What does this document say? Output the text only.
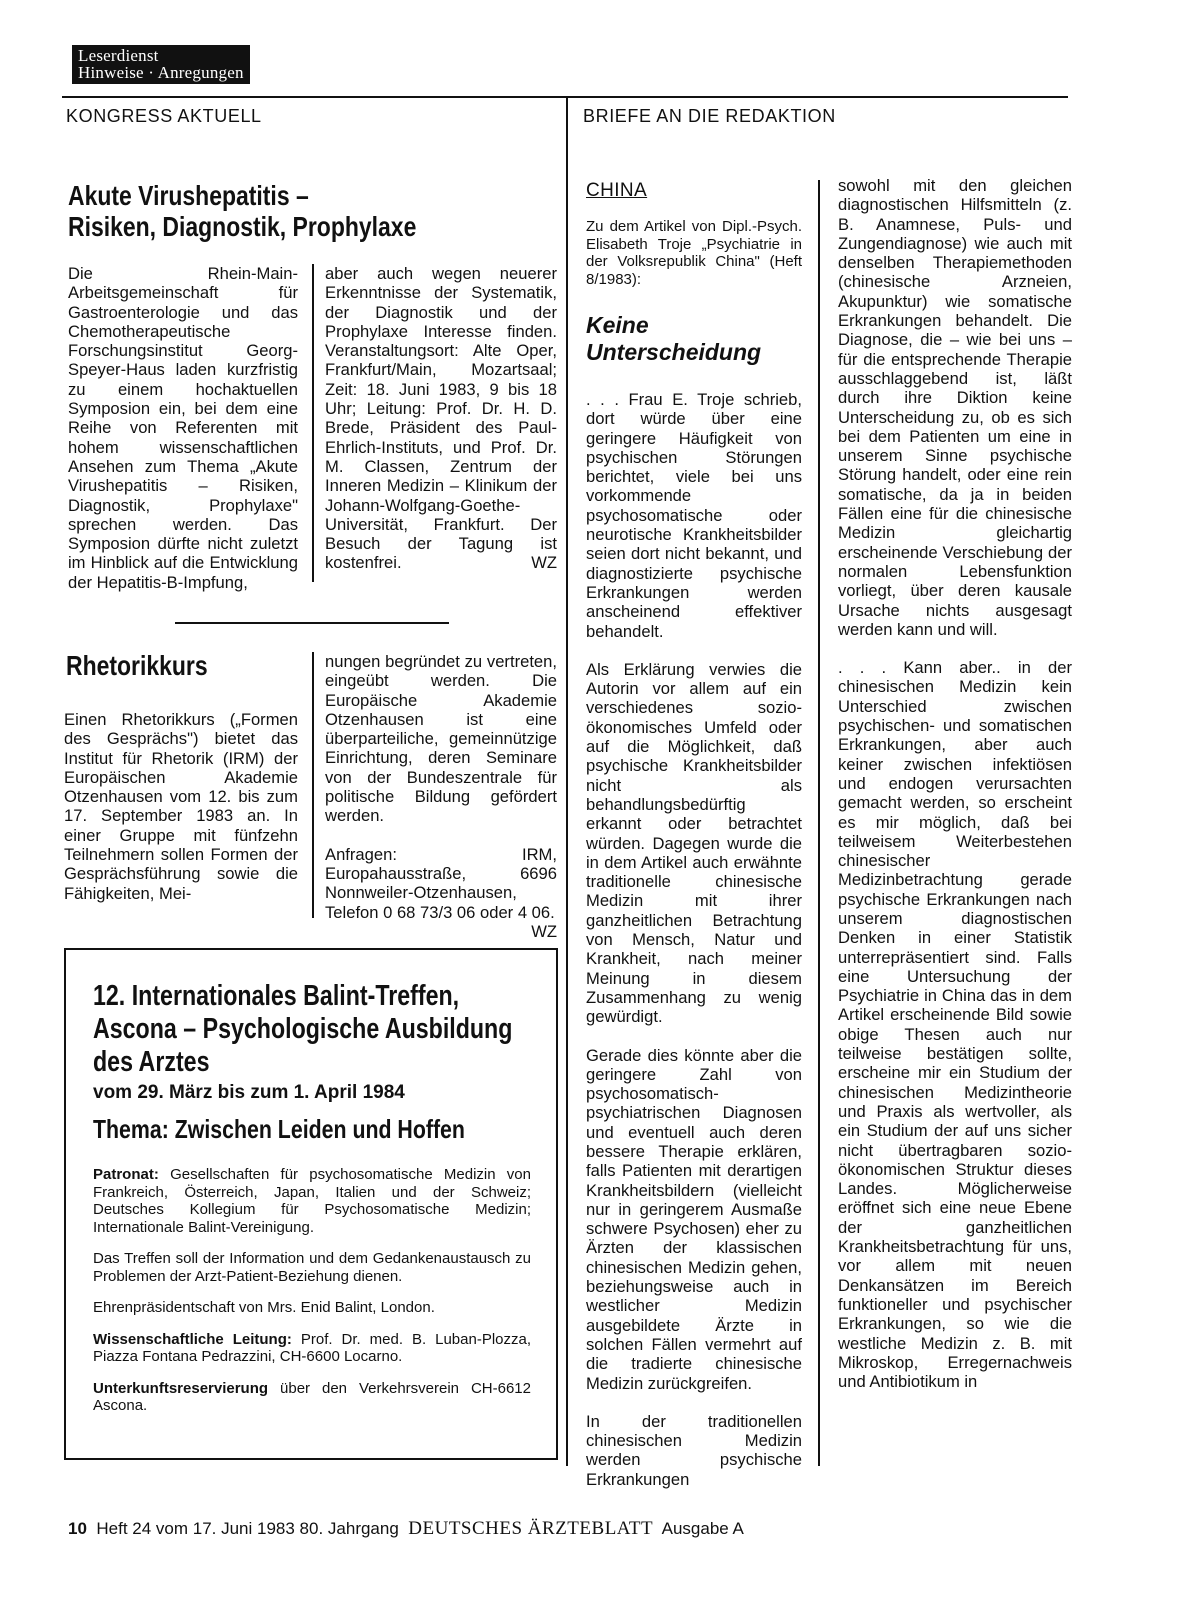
Leserdienst
Hinweise · Anregungen
KONGRESS AKTUELL	BRIEFE AN DIE REDAKTION
Akute Virushepatitis –
Risiken, Diagnostik, Prophylaxe

Die Rhein-Main-Arbeitsgemeinschaft für Gastroenterologie und das Chemotherapeutische Forschungsinstitut Georg-Speyer-Haus laden kurzfristig zu einem hochaktuellen Symposion ein, bei dem eine Reihe von Referenten mit hohem wissenschaftlichen Ansehen zum Thema „Akute Virushepatitis – Risiken, Diagnostik, Prophylaxe" sprechen werden. Das Symposion dürfte nicht zuletzt im Hinblick auf die Entwicklung der Hepatitis-B-Impfung,

aber auch wegen neuerer Erkenntnisse der Systematik, der Diagnostik und der Prophylaxe Interesse finden. Veranstaltungsort: Alte Oper, Frankfurt/Main, Mozartsaal; Zeit: 18. Juni 1983, 9 bis 18 Uhr; Leitung: Prof. Dr. H. D. Brede, Präsident des Paul-Ehrlich-Instituts, und Prof. Dr. M. Classen, Zentrum der Inneren Medizin – Klinikum der Johann-Wolfgang-Goethe-Universität, Frankfurt. Der Besuch der Tagung ist kostenfrei.	WZ

Rhetorikkurs

Einen Rhetorikkurs („Formen des Gesprächs") bietet das Institut für Rhetorik (IRM) der Europäischen Akademie Otzenhausen vom 12. bis zum 17. September 1983 an. In einer Gruppe mit fünfzehn Teilnehmern sollen Formen der Gesprächsführung sowie die Fähigkeiten, Mei-

nungen begründet zu vertreten, eingeübt werden. Die Europäische Akademie Otzenhausen ist eine überparteiliche, gemeinnützige Einrichtung, deren Seminare von der Bundeszentrale für politische Bildung gefördert werden.

Anfragen: IRM, Europahausstraße, 6696 Nonnweiler-Otzenhausen, Telefon 0 68 73/3 06 oder 4 06.
WZ

12. Internationales Balint-Treffen,
Ascona – Psychologische Ausbildung
des Arztes
vom 29. März bis zum 1. April 1984
Thema: Zwischen Leiden und Hoffen

Patronat: Gesellschaften für psychosomatische Medizin von Frankreich, Österreich, Japan, Italien und der Schweiz; Deutsches Kollegium für Psychosomatische Medizin; Internationale Balint-Vereinigung.

Das Treffen soll der Information und dem Gedankenaustausch zu Problemen der Arzt-Patient-Beziehung dienen.

Ehrenpräsidentschaft von Mrs. Enid Balint, London.

Wissenschaftliche Leitung: Prof. Dr. med. B. Luban-Plozza, Piazza Fontana Pedrazzini, CH-6600 Locarno.

Unterkunftsreservierung über den Verkehrsverein CH-6612 Ascona.

CHINA
Zu dem Artikel von Dipl.-Psych. Elisabeth Troje „Psychiatrie in der Volksrepublik China" (Heft 8/1983):
Keine
Unterscheidung

. . . Frau E. Troje schrieb, dort würde über eine geringere Häufigkeit von psychischen Störungen berichtet, viele bei uns vorkommende psychosomatische oder neurotische Krankheitsbilder seien dort nicht bekannt, und diagnostizierte psychische Erkrankungen werden anscheinend effektiver behandelt.

Als Erklärung verwies die Autorin vor allem auf ein verschiedenes sozio-ökonomisches Umfeld oder auf die Möglichkeit, daß psychische Krankheitsbilder nicht als behandlungsbedürftig erkannt oder betrachtet würden. Dagegen wurde die in dem Artikel auch erwähnte traditionelle chinesische Medizin mit ihrer ganzheitlichen Betrachtung von Mensch, Natur und Krankheit, nach meiner Meinung in diesem Zusammenhang zu wenig gewürdigt.

Gerade dies könnte aber die geringere Zahl von psychosomatisch-psychiatrischen Diagnosen und eventuell auch deren bessere Therapie erklären, falls Patienten mit derartigen Krankheitsbildern (vielleicht nur in geringerem Ausmaße schwere Psychosen) eher zu Ärzten der klassischen chinesischen Medizin gehen, beziehungsweise auch in westlicher Medizin ausgebildete Ärzte in solchen Fällen vermehrt auf die tradierte chinesische Medizin zurückgreifen.

In der traditionellen chinesischen Medizin werden psychische Erkrankungen

sowohl mit den gleichen diagnostischen Hilfsmitteln (z. B. Anamnese, Puls- und Zungendiagnose) wie auch mit denselben Therapiemethoden (chinesische Arzneien, Akupunktur) wie somatische Erkrankungen behandelt. Die Diagnose, die – wie bei uns – für die entsprechende Therapie ausschlaggebend ist, läßt durch ihre Diktion keine Unterscheidung zu, ob es sich bei dem Patienten um eine in unserem Sinne psychische Störung handelt, oder eine rein somatische, da ja in beiden Fällen eine für die chinesische Medizin gleichartig erscheinende Verschiebung der normalen Lebensfunktion vorliegt, über deren kausale Ursache nichts ausgesagt werden kann und will.

. . . Kann aber.. in der chinesischen Medizin kein Unterschied zwischen psychischen- und somatischen Erkrankungen, aber auch keiner zwischen infektiösen und endogen verursachten gemacht werden, so erscheint es mir möglich, daß bei teilweisem Weiterbestehen chinesischer Medizinbetrachtung gerade psychische Erkrankungen nach unserem diagnostischen Denken in einer Statistik unterrepräsentiert sind. Falls eine Untersuchung der Psychiatrie in China das in dem Artikel erscheinende Bild sowie obige Thesen auch nur teilweise bestätigen sollte, erscheine mir ein Studium der chinesischen Medizintheorie und Praxis als wertvoller, als ein Studium der auf uns sicher nicht übertragbaren sozio-ökonomischen Struktur dieses Landes. Möglicherweise eröffnet sich eine neue Ebene der ganzheitlichen Krankheitsbetrachtung für uns, vor allem mit neuen Denkansätzen im Bereich funktioneller und psychischer Erkrankungen, so wie die westliche Medizin z. B. mit Mikroskop, Erregernachweis und Antibiotikum in

10 Heft 24 vom 17. Juni 1983 80. Jahrgang DEUTSCHES ÄRZTEBLATT Ausgabe A
